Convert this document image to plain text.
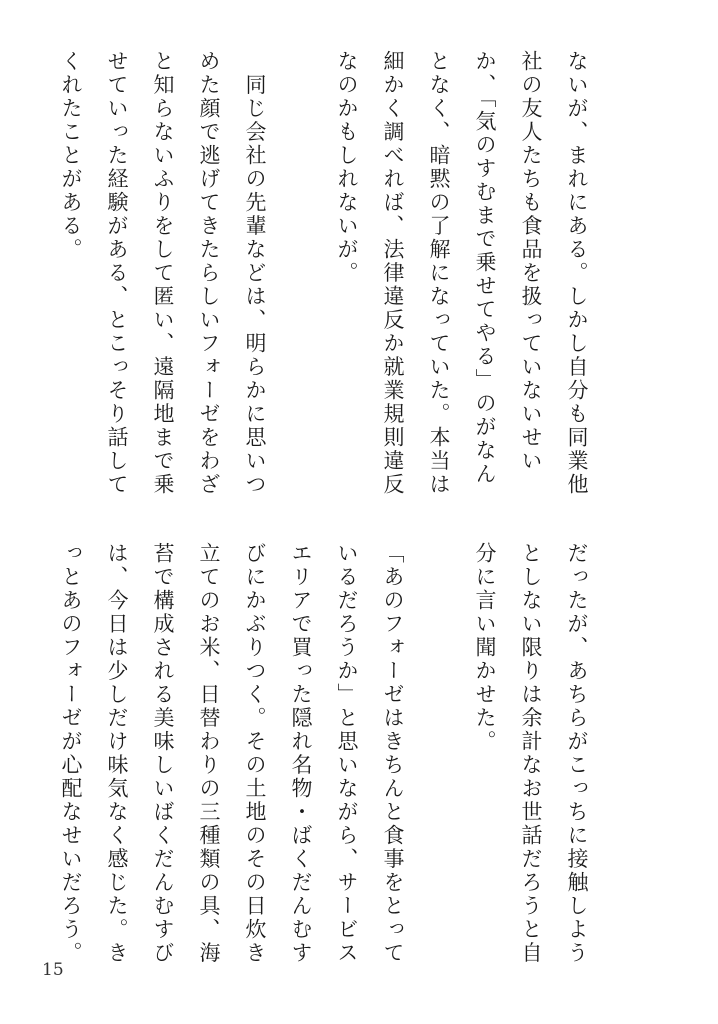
ないが、まれにある。しかし自分も同業他社の友人たちも食品を扱っていないせいか、「気のすむまで乗せてやる」のがなんとなく、暗黙の了解になっていた。本当は細かく調べれば、法律違反か就業規則違反なのかもしれないが。

　同じ会社の先輩などは、明らかに思いつめた顔で逃げてきたらしいフォーゼをわざと知らないふりをして匿い、遠隔地まで乗せていった経験がある、とこっそり話してくれたことがある。

だったが、あちらがこっちに接触しようとしない限りは余計なお世話だろうと自分に言い聞かせた。

「あのフォーゼはきちんと食事をとっているだろうか」と思いながら、サービスエリアで買った隠れ名物・ばくだんむすびにかぶりつく。その土地のその日炊き立てのお米、日替わりの三種類の具、海苔で構成される美味しいばくだんむすびは、今日は少しだけ味気なく感じた。きっとあのフォーゼが心配なせいだろう。

15
